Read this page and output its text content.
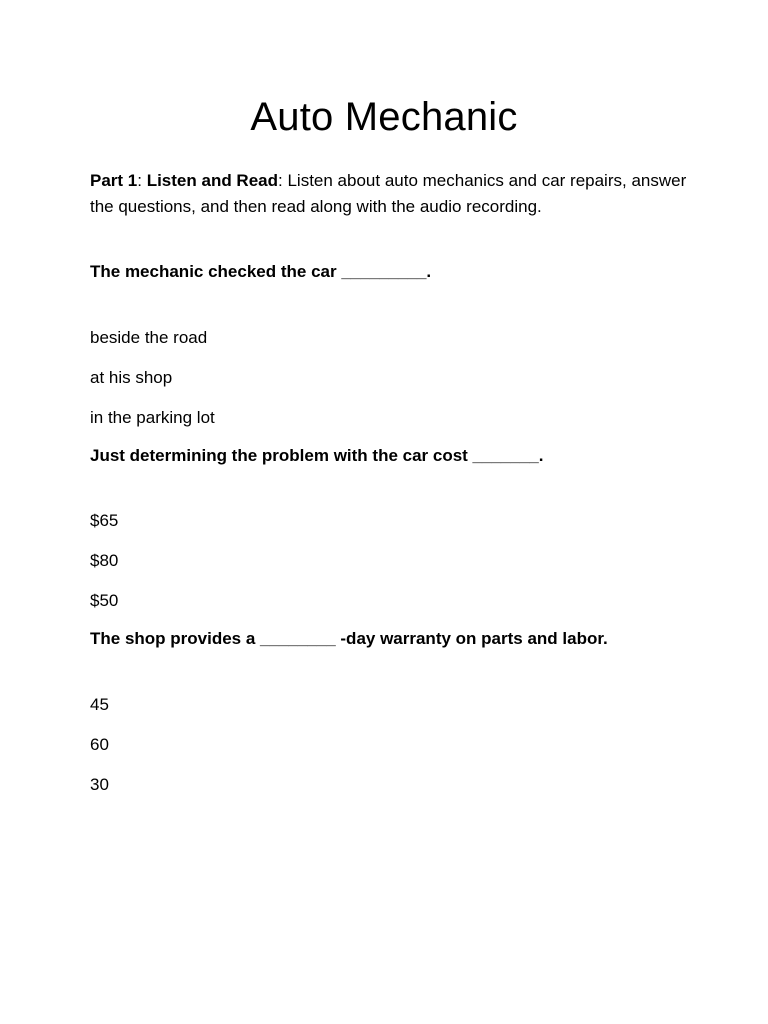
Auto Mechanic

Part 1: Listen and Read: Listen about auto mechanics and car repairs, answer the questions, and then read along with the audio recording.

The mechanic checked the car _________.

beside the road

at his shop

in the parking lot

Just determining the problem with the car cost _______.

$65

$80

$50

The shop provides a ________ -day warranty on parts and labor.

45

60

30
